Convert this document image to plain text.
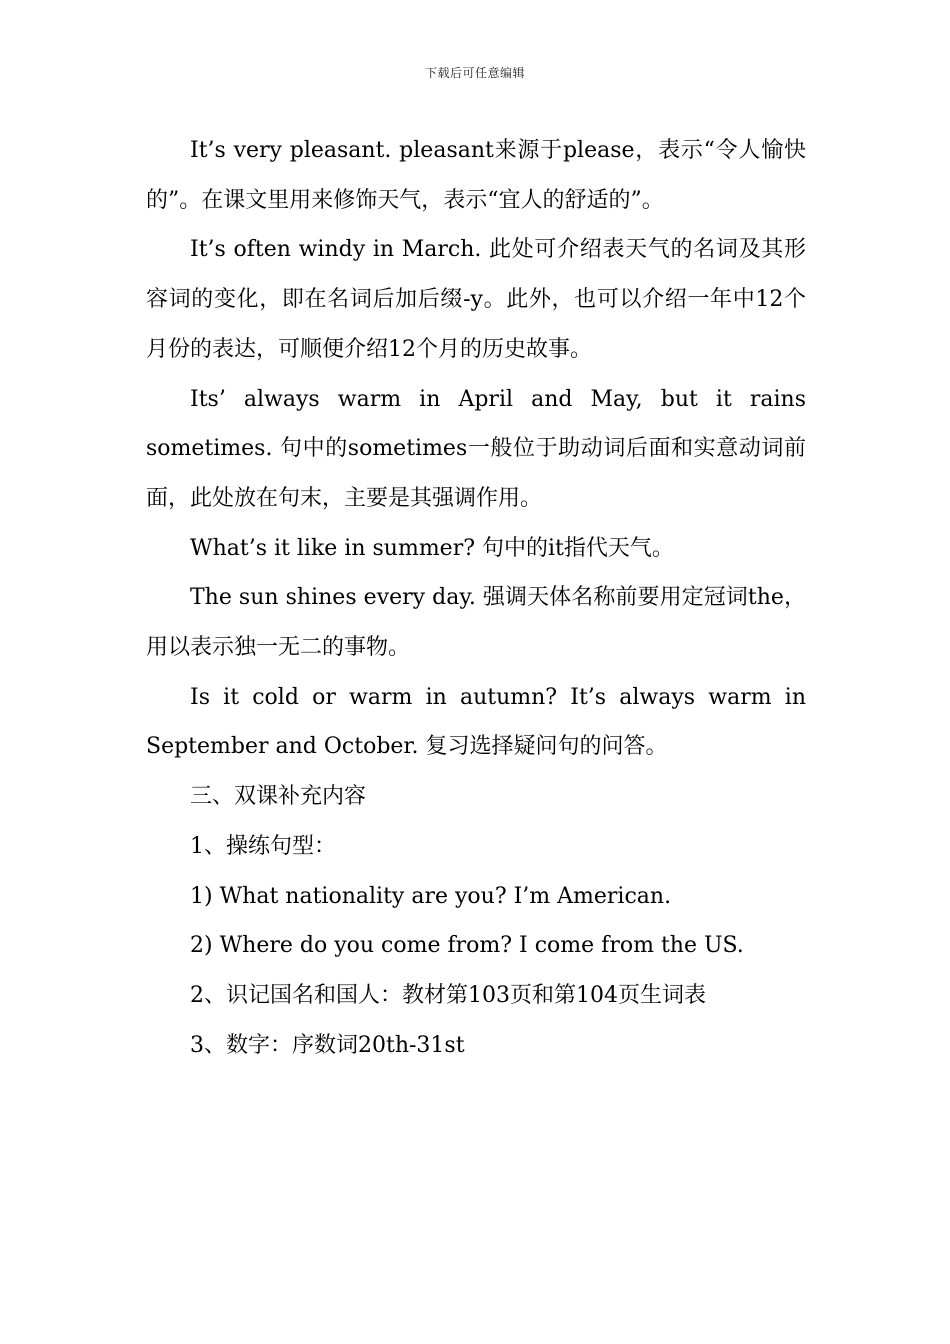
下载后可任意编辑

It’s very pleasant. pleasant来源于please，表示“令人愉快的”。在课文里用来修饰天气，表示“宜人的舒适的”。

It’s often windy in March. 此处可介绍表天气的名词及其形容词的变化，即在名词后加后缀-y。此外，也可以介绍一年中12个月份的表达，可顺便介绍12个月的历史故事。

Its’ always warm in April and May, but it rains sometimes. 句中的sometimes一般位于助动词后面和实意动词前面，此处放在句末，主要是其强调作用。

What’s it like in summer? 句中的it指代天气。

The sun shines every day. 强调天体名称前要用定冠词the，用以表示独一无二的事物。

Is it cold or warm in autumn? It’s always warm in September and October. 复习选择疑问句的问答。

三、双课补充内容

1、操练句型：

1) What nationality are you? I’m American.

2) Where do you come from? I come from the US.

2、识记国名和国人：教材第103页和第104页生词表

3、数字：序数词20th-31st
